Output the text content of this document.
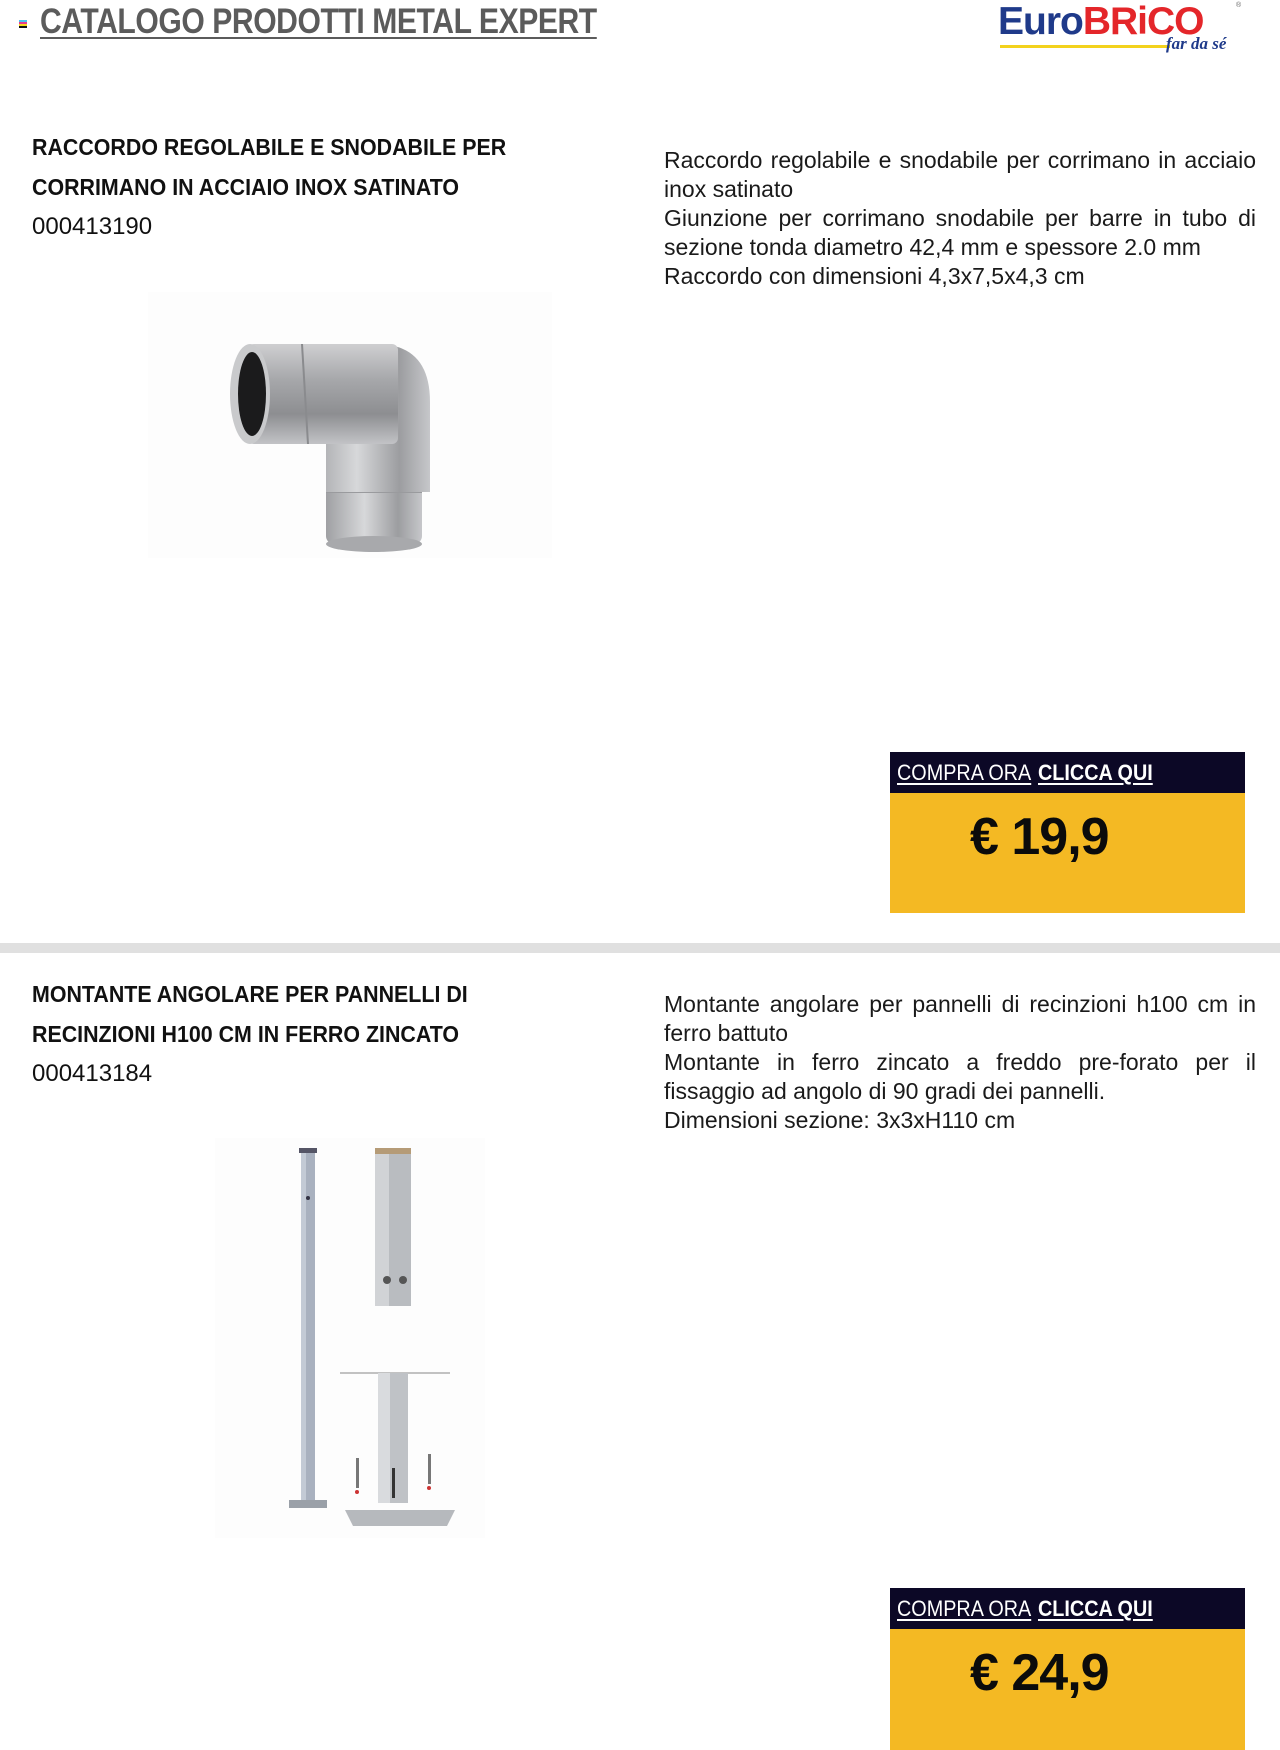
CATALOGO PRODOTTI METAL EXPERT	EuroBRiCO	®
far da sé
RACCORDO REGOLABILE E SNODABILE PER
CORRIMANO IN ACCIAIO INOX SATINATO
000413190

Raccordo regolabile e snodabile per corrimano in acciaio inox satinato

Giunzione per corrimano snodabile per barre in tubo di sezione tonda diametro 42,4 mm e spessore 2.0 mm

Raccordo con dimensioni 4,3x7,5x4,3 cm

COMPRA ORA CLICCA QUI
€ 19,9
MONTANTE ANGOLARE PER PANNELLI DI
RECINZIONI H100 CM IN FERRO ZINCATO
000413184

Montante angolare per pannelli di recinzioni h100 cm in ferro battuto

Montante in ferro zincato a freddo pre-forato per il fissaggio ad angolo di 90 gradi dei pannelli.

Dimensioni sezione: 3x3xH110 cm

COMPRA ORA CLICCA QUI
€ 24,9
